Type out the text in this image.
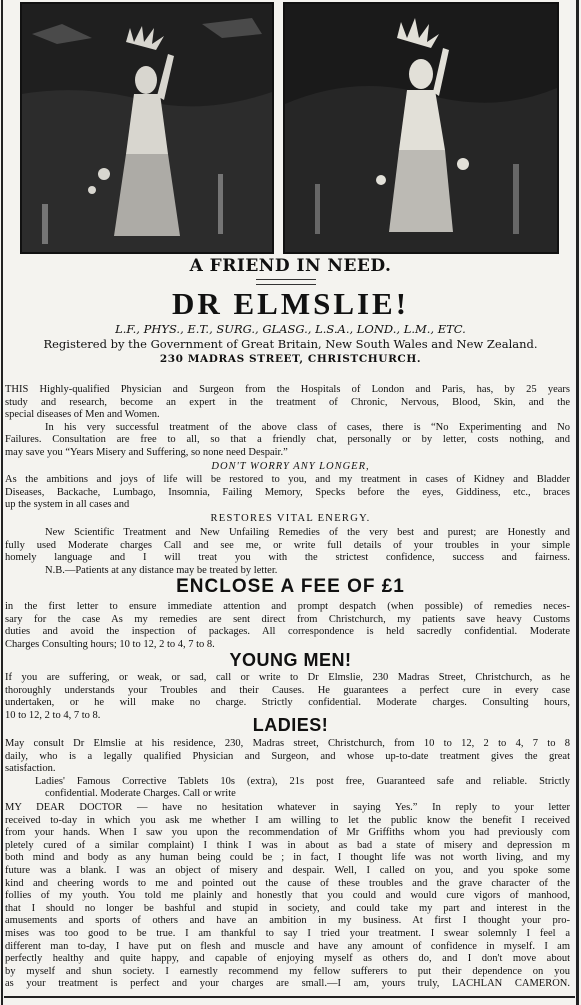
A FRIEND IN NEED.
DR ELMSLIE!
L.F., PHYS., E.T., SURG., GLASG., L.S.A., LOND., L.M., ETC.
Registered by the Government of Great Britain, New South Wales and New Zealand.
230 MADRAS STREET, CHRISTCHURCH.

THIS Highly-qualified Physician and Surgeon from the Hospitals of London and Paris, has, by 25 years

study and research, become an expert in the treatment of Chronic, Nervous, Blood, Skin, and the

special diseases of Men and Women.

In his very successful treatment of the above class of cases, there is “No Experimenting and No

Failures. Consultation are free to all, so that a friendly chat, personally or by letter, costs nothing, and

may save you “Years Misery and Suffering, so none need Despair.”

DON'T WORRY ANY LONGER,

As the ambitions and joys of life will be restored to you, and my treatment in cases of Kidney and Bladder

Diseases, Backache, Lumbago, Insomnia, Failing Memory, Specks before the eyes, Giddiness, etc., braces

up the system in all cases and

RESTORES VITAL ENERGY.

New Scientific Treatment and New Unfailing Remedies of the very best and purest; are Honestly and

fully used Moderate charges Call and see me, or write full details of your troubles in your simple

homely language and I will treat you with the strictest confidence, success and fairness.

N.B.—Patients at any distance may be treated by letter.

ENCLOSE A FEE OF £1

in the first letter to ensure immediate attention and prompt despatch (when possible) of remedies neces-

sary for the case As my remedies are sent direct from Christchurch, my patients save heavy Customs

duties and avoid the inspection of packages. All correspondence is held sacredly confidential. Moderate

Charges Consulting hours; 10 to 12, 2 to 4, 7 to 8.

YOUNG MEN!

If you are suffering, or weak, or sad, call or write to Dr Elmslie, 230 Madras Street, Christchurch, as he

thoroughly understands your Troubles and their Causes. He guarantees a perfect cure in every case

undertaken, or he will make no charge. Strictly confidential. Moderate charges. Consulting hours,

10 to 12, 2 to 4, 7 to 8.	LADIES!

May consult Dr Elmslie at his residence, 230, Madras street, Christchurch, from 10 to 12, 2 to 4, 7 to 8

daily, who is a legally qualified Physician and Surgeon, and whose up-to-date treatment gives the great

satisfaction.

Ladies' Famous Corrective Tablets 10s (extra), 21s post free, Guaranteed safe and reliable. Strictly

confidential. Moderate Charges. Call or write

MY DEAR DOCTOR — have no hesitation whatever in saying Yes.” In reply to your letter

received to-day in which you ask me whether I am willing to let the public know the benefit I received

from your hands. When I saw you upon the recommendation of Mr Griffiths whom you had previously com

pletely cured of a similar complaint) I think I was in about as bad a state of misery and depression m

both mind and body as any human being could be ; in fact, I thought life was not worth living, and my

future was a blank. I was an object of misery and despair. Well, I called on you, and you spoke some

kind and cheering words to me and pointed out the cause of these troubles and the grave character of the

follies of my youth. You told me plainly and honestly that you could and would cure vigors of manhood,

that I should no longer be bashful and stupid in society, and could take my part and interest in the

amusements and sports of others and have an ambition in my business. At first I thought your pro-

mises was too good to be true. I am thankful to say I tried your treatment. I swear solemnly I feel a

different man to-day, I have put on flesh and muscle and have any amount of confidence in myself. I am

perfectly healthy and quite happy, and capable of enjoying myself as others do, and I don't move about

by myself and shun society. I earnestly recommend my fellow sufferers to put their dependence on you

as your treatment is perfect and your charges are small.—I am, yours truly, LACHLAN CAMERON.
